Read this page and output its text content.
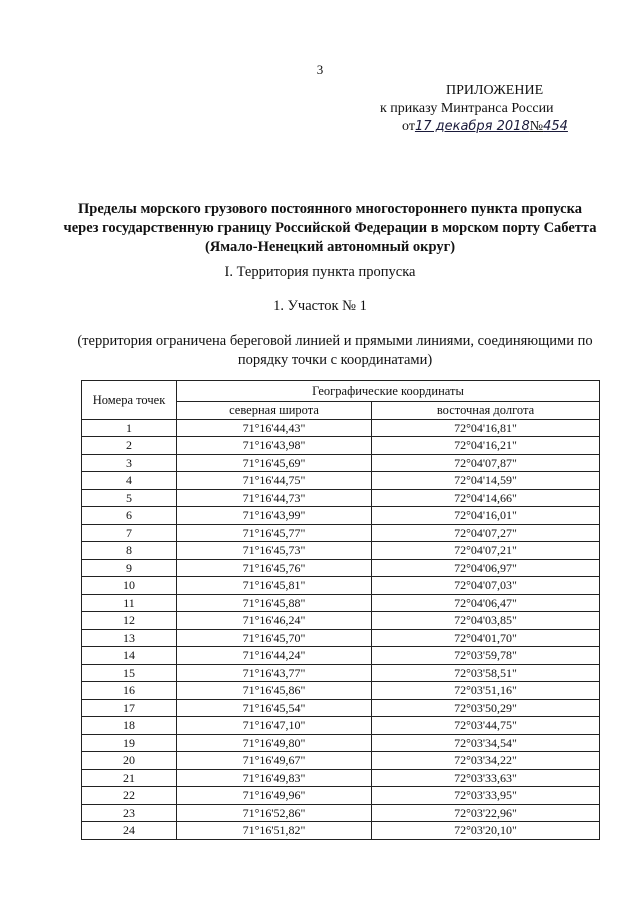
3
ПРИЛОЖЕНИЕ
к приказу Минтранса России
от17 декабря 2018№454
Пределы морского грузового постоянного многостороннего пункта пропуска через государственную границу Российской Федерации в морском порту Сабетта (Ямало-Ненецкий автономный округ)
I. Территория пункта пропуска
1. Участок № 1
(территория ограничена береговой линией и прямыми линиями, соединяющими по порядку точки с координатами)
Номера точек	Географические координаты	
	северная широта	восточная долгота
1	71°16'44,43"	72°04'16,81"
2	71°16'43,98"	72°04'16,21"
3	71°16'45,69"	72°04'07,87"
4	71°16'44,75"	72°04'14,59"
5	71°16'44,73"	72°04'14,66"
6	71°16'43,99"	72°04'16,01"
7	71°16'45,77"	72°04'07,27"
8	71°16'45,73"	72°04'07,21"
9	71°16'45,76"	72°04'06,97"
10	71°16'45,81"	72°04'07,03"
11	71°16'45,88"	72°04'06,47"
12	71°16'46,24"	72°04'03,85"
13	71°16'45,70"	72°04'01,70"
14	71°16'44,24"	72°03'59,78"
15	71°16'43,77"	72°03'58,51"
16	71°16'45,86"	72°03'51,16"
17	71°16'45,54"	72°03'50,29"
18	71°16'47,10"	72°03'44,75"
19	71°16'49,80"	72°03'34,54"
20	71°16'49,67"	72°03'34,22"
21	71°16'49,83"	72°03'33,63"
22	71°16'49,96"	72°03'33,95"
23	71°16'52,86"	72°03'22,96"
24	71°16'51,82"	72°03'20,10"
